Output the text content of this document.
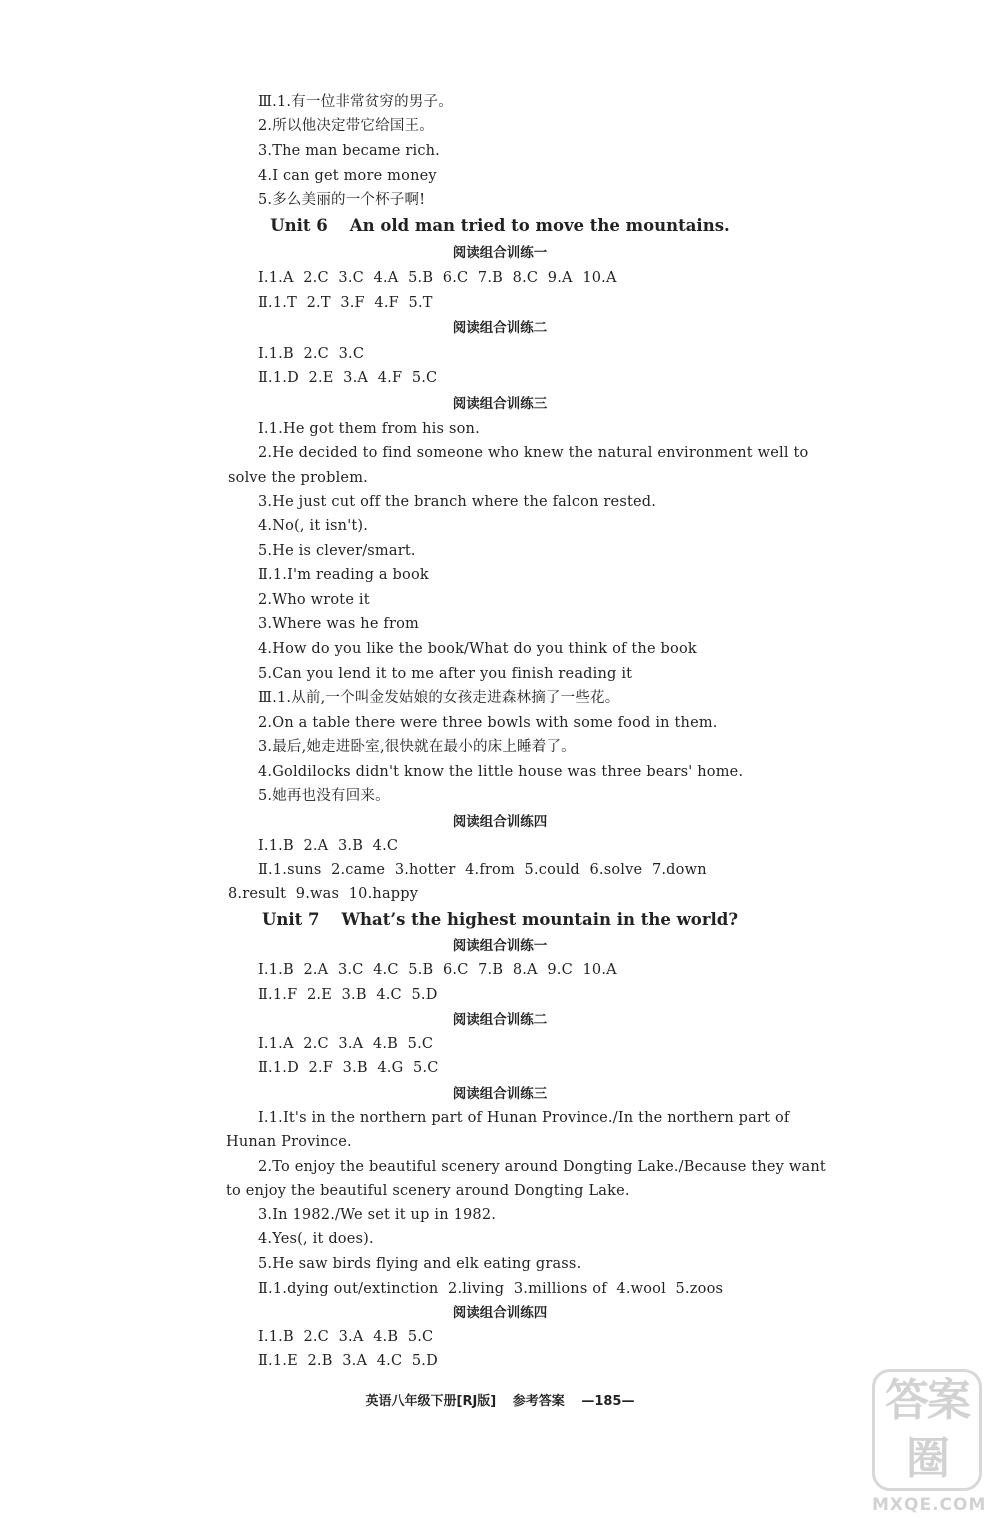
Ⅲ.1.有一位非常贫穷的男子。
2.所以他决定带它给国王。
3.The man became rich.
4.I can get more money
5.多么美丽的一个杯子啊!
Unit 6 An old man tried to move the mountains.
阅读组合训练一
Ⅰ.1.A  2.C  3.C  4.A  5.B  6.C  7.B  8.C  9.A  10.A
Ⅱ.1.T  2.T  3.F  4.F  5.T
阅读组合训练二
Ⅰ.1.B  2.C  3.C
Ⅱ.1.D  2.E  3.A  4.F  5.C
阅读组合训练三
Ⅰ.1.He got them from his son.
2.He decided to find someone who knew the natural environment well to
solve the problem.
3.He just cut off the branch where the falcon rested.
4.No(, it isn't).
5.He is clever/smart.
Ⅱ.1.I'm reading a book
2.Who wrote it
3.Where was he from
4.How do you like the book/What do you think of the book
5.Can you lend it to me after you finish reading it
Ⅲ.1.从前,一个叫金发姑娘的女孩走进森林摘了一些花。
2.On a table there were three bowls with some food in them.
3.最后,她走进卧室,很快就在最小的床上睡着了。
4.Goldilocks didn't know the little house was three bears' home.
5.她再也没有回来。
阅读组合训练四
Ⅰ.1.B  2.A  3.B  4.C
Ⅱ.1.suns  2.came  3.hotter  4.from  5.could  6.solve  7.down
8.result  9.was  10.happy
Unit 7 What’s the highest mountain in the world?
阅读组合训练一
Ⅰ.1.B  2.A  3.C  4.C  5.B  6.C  7.B  8.A  9.C  10.A
Ⅱ.1.F  2.E  3.B  4.C  5.D
阅读组合训练二
Ⅰ.1.A  2.C  3.A  4.B  5.C
Ⅱ.1.D  2.F  3.B  4.G  5.C
阅读组合训练三
Ⅰ.1.It's in the northern part of Hunan Province./In the northern part of
Hunan Province.
2.To enjoy the beautiful scenery around Dongting Lake./Because they want
to enjoy the beautiful scenery around Dongting Lake.
3.In 1982./We set it up in 1982.
4.Yes(, it does).
5.He saw birds flying and elk eating grass.
Ⅱ.1.dying out/extinction  2.living  3.millions of  4.wool  5.zoos
阅读组合训练四
Ⅰ.1.B  2.C  3.A  4.B  5.C
Ⅱ.1.E  2.B  3.A  4.C  5.D
英语八年级下册[RJ版] 参考答案 —185—	答案圈
MXQE.COM
